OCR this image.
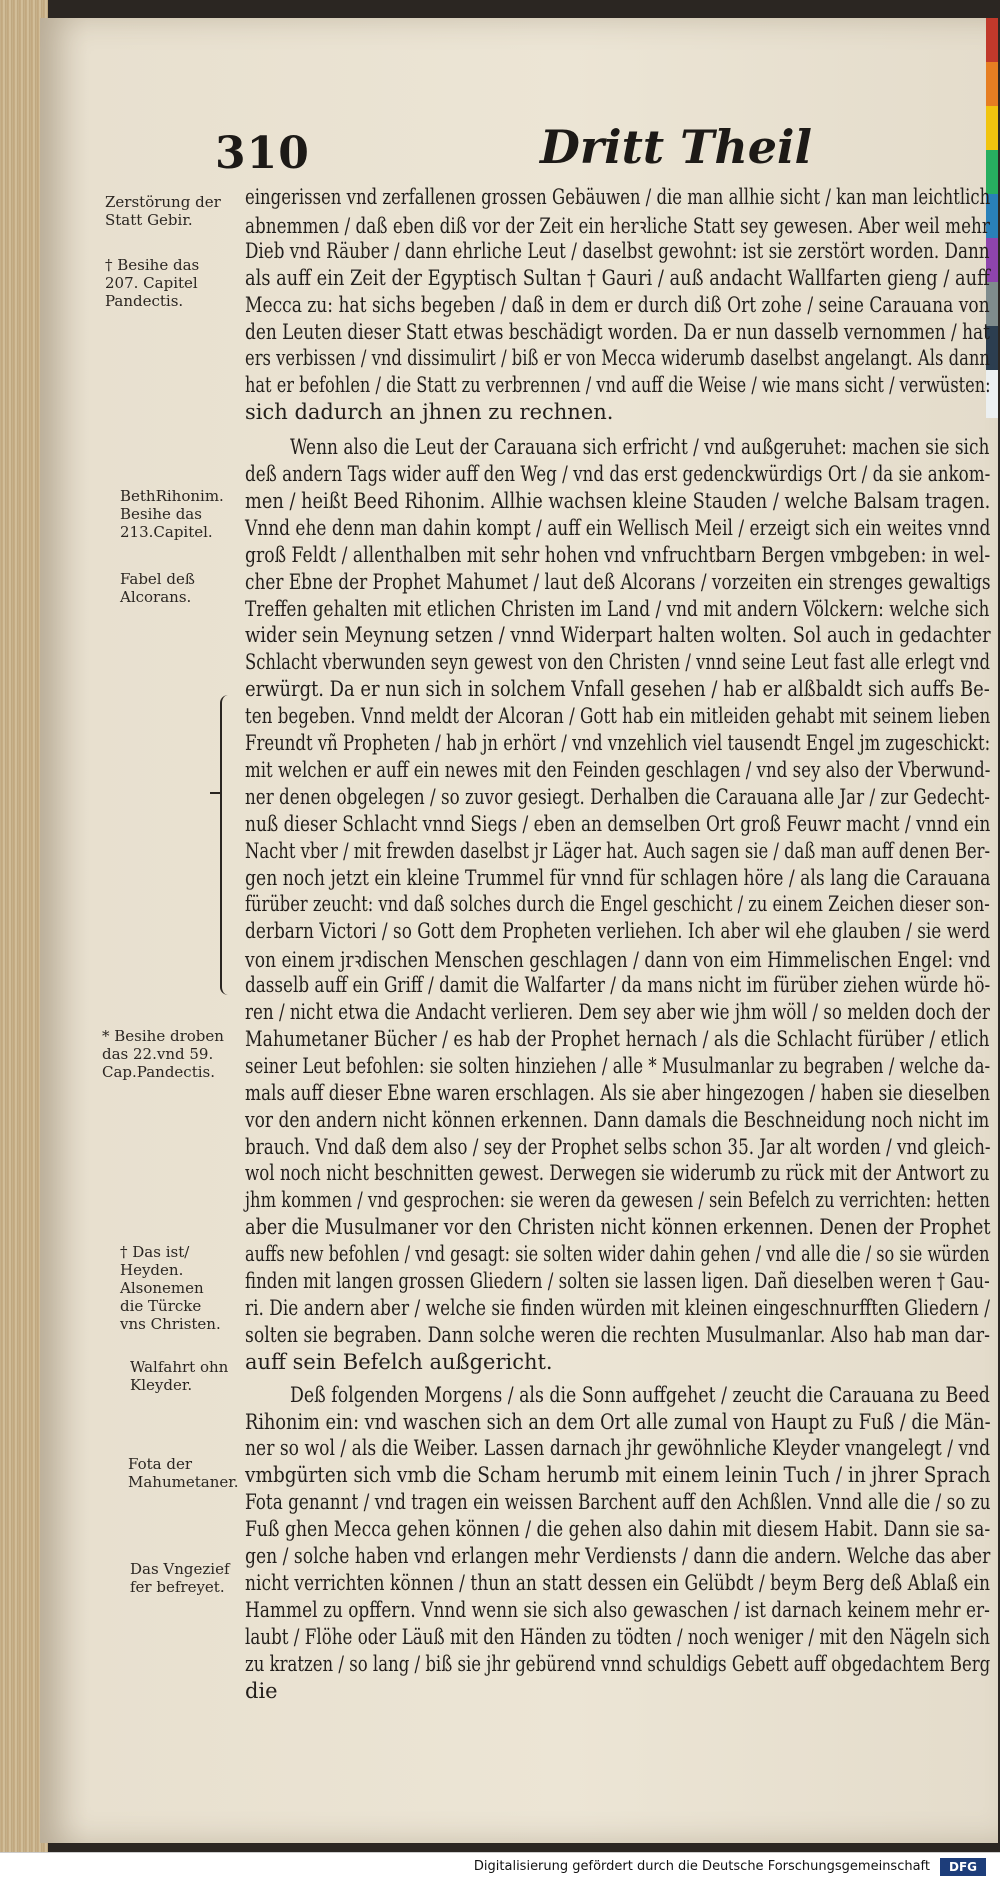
310	Dritt Theil
Zerstörung der Statt Gebir.
† Besihe das 207. Capitel Pandectis.
BethRihonim. Besihe das 213.Capitel.
Fabel deß Alcorans.
* Besihe droben das 22.vnd 59. Cap.Pandectis.
† Das ist/ Heyden. Alsonemen die Türcke vns Christen.
Walfahrt ohn Kleyder.
Fota der Mahumetaner.
Das Vngezief fer befreyet.
eingerissen vnd zerfallenen grossen Gebäuwen / die man allhie sicht / kan man leichtlich
abnemmen / daß eben diß vor der Zeit ein herꝛliche Statt sey gewesen. Aber weil mehr
Dieb vnd Räuber / dann ehrliche Leut / daselbst gewohnt: ist sie zerstört worden. Dann
als auff ein Zeit der Egyptisch Sultan † Gauri / auß andacht Wallfarten gieng / auff
Mecca zu: hat sichs begeben / daß in dem er durch diß Ort zohe / seine Carauana von
den Leuten dieser Statt etwas beschädigt worden. Da er nun dasselb vernommen / hat
ers verbissen / vnd dissimulirt / biß er von Mecca widerumb daselbst angelangt. Als dann
hat er befohlen / die Statt zu verbrennen / vnd auff die Weise / wie mans sicht / verwüsten:
sich dadurch an jhnen zu rechnen.
Wenn also die Leut der Carauana sich erfricht / vnd außgeruhet: machen sie sich
deß andern Tags wider auff den Weg / vnd das erst gedenckwürdigs Ort / da sie ankom-
men / heißt Beed Rihonim. Allhie wachsen kleine Stauden / welche Balsam tragen.
Vnnd ehe denn man dahin kompt / auff ein Wellisch Meil / erzeigt sich ein weites vnnd
groß Feldt / allenthalben mit sehr hohen vnd vnfruchtbarn Bergen vmbgeben: in wel-
cher Ebne der Prophet Mahumet / laut deß Alcorans / vorzeiten ein strenges gewaltigs
Treffen gehalten mit etlichen Christen im Land / vnd mit andern Völckern: welche sich
wider sein Meynung setzen / vnnd Widerpart halten wolten. Sol auch in gedachter
Schlacht vberwunden seyn gewest von den Christen / vnnd seine Leut fast alle erlegt vnd
erwürgt. Da er nun sich in solchem Vnfall gesehen / hab er alßbaldt sich auffs Be-
ten begeben. Vnnd meldt der Alcoran / Gott hab ein mitleiden gehabt mit seinem lieben
Freundt vñ Propheten / hab jn erhört / vnd vnzehlich viel tausendt Engel jm zugeschickt:
mit welchen er auff ein newes mit den Feinden geschlagen / vnd sey also der Vberwund-
ner denen obgelegen / so zuvor gesiegt. Derhalben die Carauana alle Jar / zur Gedecht-
nuß dieser Schlacht vnnd Siegs / eben an demselben Ort groß Feuwr macht / vnnd ein
Nacht vber / mit frewden daselbst jr Läger hat. Auch sagen sie / daß man auff denen Ber-
gen noch jetzt ein kleine Trummel für vnnd für schlagen höre / als lang die Carauana
fürüber zeucht: vnd daß solches durch die Engel geschicht / zu einem Zeichen dieser son-
derbarn Victori / so Gott dem Propheten verliehen. Ich aber wil ehe glauben / sie werd
von einem jrꝛdischen Menschen geschlagen / dann von eim Himmelischen Engel: vnd
dasselb auff ein Griff / damit die Walfarter / da mans nicht im fürüber ziehen würde hö-
ren / nicht etwa die Andacht verlieren. Dem sey aber wie jhm wöll / so melden doch der
Mahumetaner Bücher / es hab der Prophet hernach / als die Schlacht fürüber / etlich
seiner Leut befohlen: sie solten hinziehen / alle * Musulmanlar zu begraben / welche da-
mals auff dieser Ebne waren erschlagen. Als sie aber hingezogen / haben sie dieselben
vor den andern nicht können erkennen. Dann damals die Beschneidung noch nicht im
brauch. Vnd daß dem also / sey der Prophet selbs schon 35. Jar alt worden / vnd gleich-
wol noch nicht beschnitten gewest. Derwegen sie widerumb zu rück mit der Antwort zu
jhm kommen / vnd gesprochen: sie weren da gewesen / sein Befelch zu verrichten: hetten
aber die Musulmaner vor den Christen nicht können erkennen. Denen der Prophet
auffs new befohlen / vnd gesagt: sie solten wider dahin gehen / vnd alle die / so sie würden
finden mit langen grossen Gliedern / solten sie lassen ligen. Dañ dieselben weren † Gau-
ri. Die andern aber / welche sie finden würden mit kleinen eingeschnurfften Gliedern /
solten sie begraben. Dann solche weren die rechten Musulmanlar. Also hab man dar-
auff sein Befelch außgericht.
Deß folgenden Morgens / als die Sonn auffgehet / zeucht die Carauana zu Beed
Rihonim ein: vnd waschen sich an dem Ort alle zumal von Haupt zu Fuß / die Män-
ner so wol / als die Weiber. Lassen darnach jhr gewöhnliche Kleyder vnangelegt / vnd
vmbgürten sich vmb die Scham herumb mit einem leinin Tuch / in jhrer Sprach
Fota genannt / vnd tragen ein weissen Barchent auff den Achßlen. Vnnd alle die / so zu
Fuß ghen Mecca gehen können / die gehen also dahin mit diesem Habit. Dann sie sa-
gen / solche haben vnd erlangen mehr Verdiensts / dann die andern. Welche das aber
nicht verrichten können / thun an statt dessen ein Gelübdt / beym Berg deß Ablaß ein
Hammel zu opffern. Vnnd wenn sie sich also gewaschen / ist darnach keinem mehr er-
laubt / Flöhe oder Läuß mit den Händen zu tödten / noch weniger / mit den Nägeln sich
zu kratzen / so lang / biß sie jhr gebürend vnnd schuldigs Gebett auff obgedachtem Berg
die
Digitalisierung gefördert durch die Deutsche Forschungsgemeinschaft	DFG
